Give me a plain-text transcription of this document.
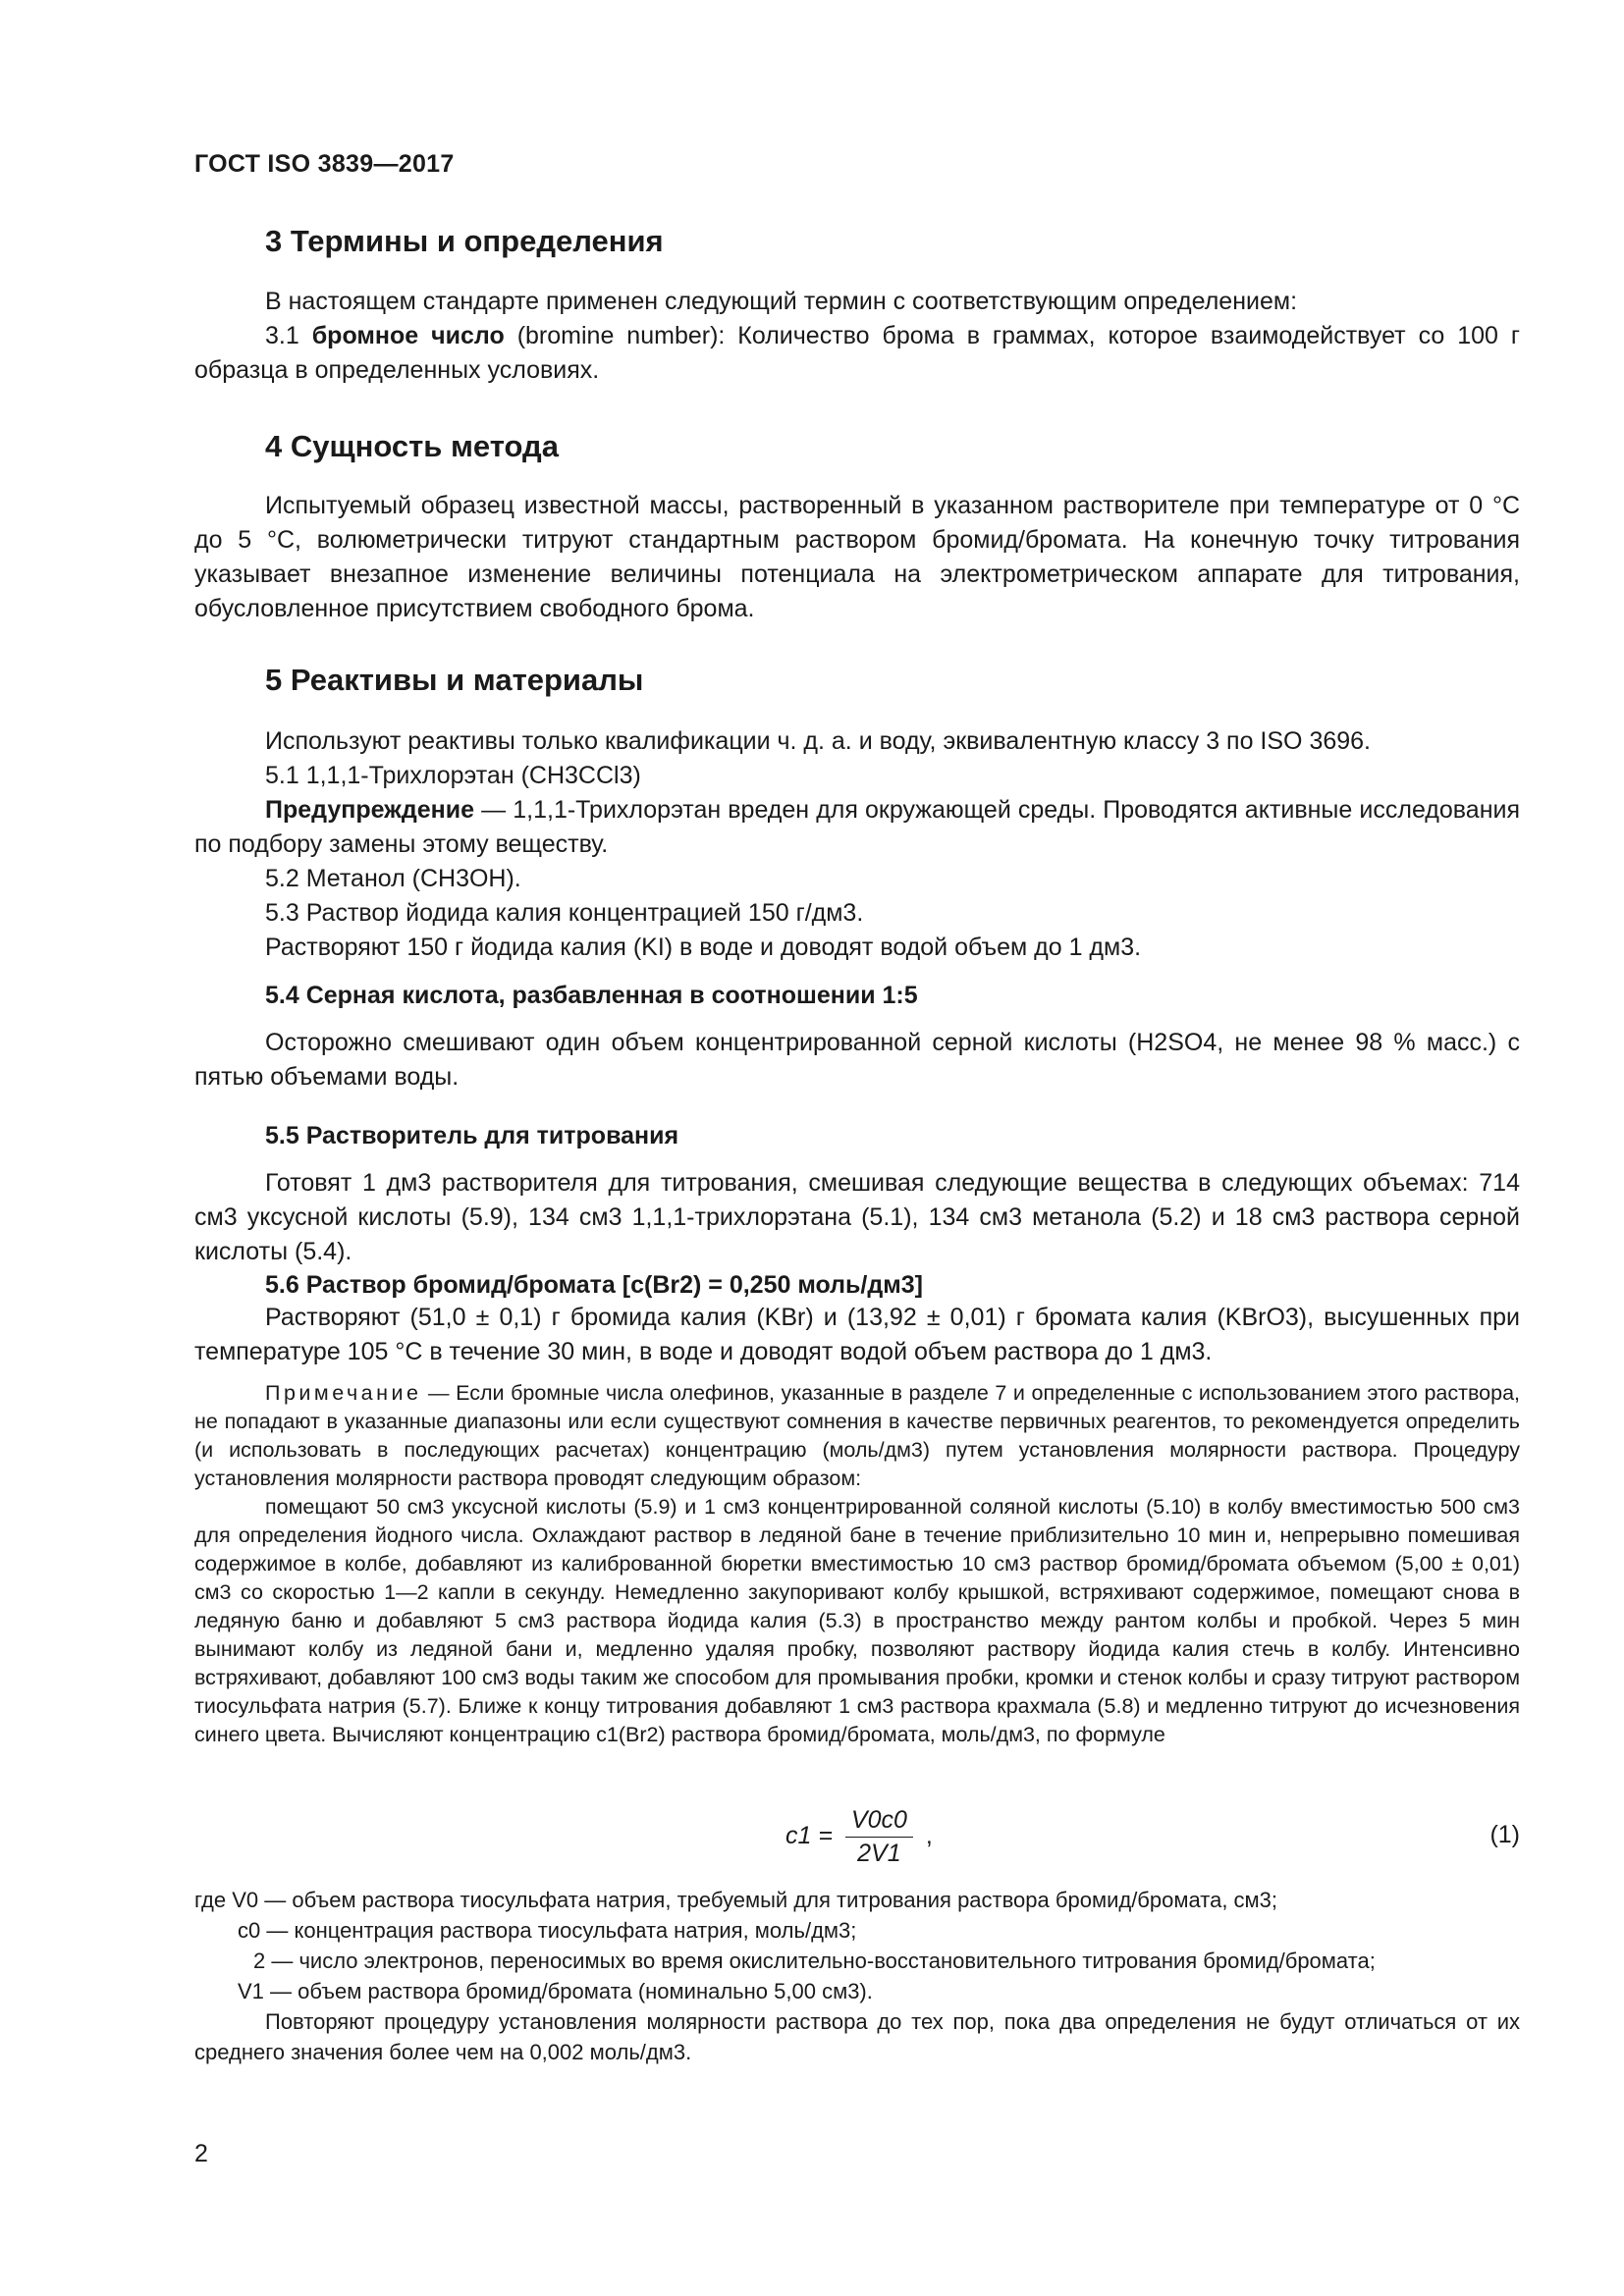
ГОСТ ISO 3839—2017
3 Термины и определения

В настоящем стандарте применен следующий термин с соответствующим определением:

3.1 бромное число (bromine number): Количество брома в граммах, которое взаимодействует со 100 г образца в определенных условиях.

4 Сущность метода

Испытуемый образец известной массы, растворенный в указанном растворителе при температуре от 0 °С до 5 °С, волюметрически титруют стандартным раствором бромид/бромата. На конечную точку титрования указывает внезапное изменение величины потенциала на электрометрическом аппарате для титрования, обусловленное присутствием свободного брома.

5 Реактивы и материалы

Используют реактивы только квалификации ч. д. а. и воду, эквивалентную классу 3 по ISO 3696.

5.1 1,1,1-Трихлорэтан (CH3CCl3)

Предупреждение — 1,1,1-Трихлорэтан вреден для окружающей среды. Проводятся активные исследования по подбору замены этому веществу.

5.2 Метанол (CH3OH).

5.3 Раствор йодида калия концентрацией 150 г/дм3.

Растворяют 150 г йодида калия (KI) в воде и доводят водой объем до 1 дм3.

5.4 Серная кислота, разбавленная в соотношении 1:5

Осторожно смешивают один объем концентрированной серной кислоты (H2SO4, не менее 98 % масс.) с пятью объемами воды.

5.5 Растворитель для титрования

Готовят 1 дм3 растворителя для титрования, смешивая следующие вещества в следующих объемах: 714 см3 уксусной кислоты (5.9), 134 см3 1,1,1-трихлорэтана (5.1), 134 см3 метанола (5.2) и 18 см3 раствора серной кислоты (5.4).

5.6 Раствор бромид/бромата [c(Br2) = 0,250 моль/дм3]

Растворяют (51,0 ± 0,1) г бромида калия (KBr) и (13,92 ± 0,01) г бромата калия (KBrO3), высушенных при температуре 105 °С в течение 30 мин, в воде и доводят водой объем раствора до 1 дм3.

Примечание — Если бромные числа олефинов, указанные в разделе 7 и определенные с использованием этого раствора, не попадают в указанные диапазоны или если существуют сомнения в качестве первичных реагентов, то рекомендуется определить (и использовать в последующих расчетах) концентрацию (моль/дм3) путем установления молярности раствора. Процедуру установления молярности раствора проводят следующим образом:

помещают 50 см3 уксусной кислоты (5.9) и 1 см3 концентрированной соляной кислоты (5.10) в колбу вместимостью 500 см3 для определения йодного числа. Охлаждают раствор в ледяной бане в течение приблизительно 10 мин и, непрерывно помешивая содержимое в колбе, добавляют из калиброванной бюретки вместимостью 10 см3 раствор бромид/бромата объемом (5,00 ± 0,01) см3 со скоростью 1—2 капли в секунду. Немедленно закупоривают колбу крышкой, встряхивают содержимое, помещают снова в ледяную баню и добавляют 5 см3 раствора йодида калия (5.3) в пространство между рантом колбы и пробкой. Через 5 мин вынимают колбу из ледяной бани и, медленно удаляя пробку, позволяют раствору йодида калия стечь в колбу. Интенсивно встряхивают, добавляют 100 см3 воды таким же способом для промывания пробки, кромки и стенок колбы и сразу титруют раствором тиосульфата натрия (5.7). Ближе к концу титрования добавляют 1 см3 раствора крахмала (5.8) и медленно титруют до исчезновения синего цвета. Вычисляют концентрацию c1(Br2) раствора бромид/бромата, моль/дм3, по формуле

$c1 = \frac{V0c0}{2V1}$ ,	(1)

где V0 — объем раствора тиосульфата натрия, требуемый для титрования раствора бромид/бромата, см3;

c0 — концентрация раствора тиосульфата натрия, моль/дм3;

2 — число электронов, переносимых во время окислительно-восстановительного титрования бромид/бромата;

V1 — объем раствора бромид/бромата (номинально 5,00 см3).

Повторяют процедуру установления молярности раствора до тех пор, пока два определения не будут отличаться от их среднего значения более чем на 0,002 моль/дм3.

2
